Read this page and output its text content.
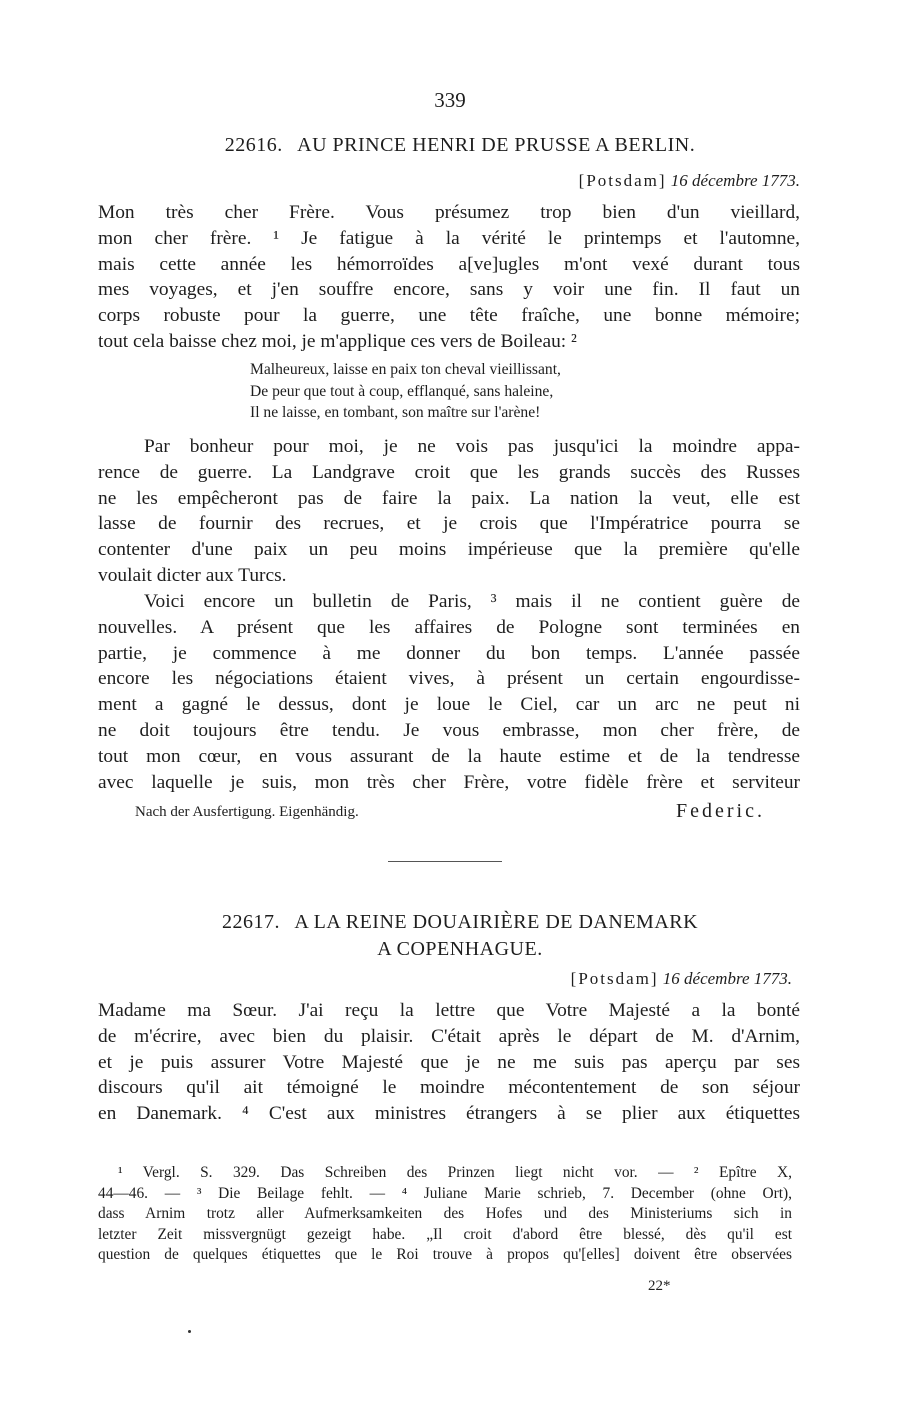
339
22616. AU PRINCE HENRI DE PRUSSE A BERLIN.
[Potsdam] 16 décembre 1773.
Mon très cher Frère. Vous présumez trop bien d'un vieillard,
mon cher frère. ¹ Je fatigue à la vérité le printemps et l'automne,
mais cette année les hémorroïdes a[ve]ugles m'ont vexé durant tous
mes voyages, et j'en souffre encore, sans y voir une fin. Il faut un
corps robuste pour la guerre, une tête fraîche, une bonne mémoire;
tout cela baisse chez moi, je m'applique ces vers de Boileau: ²
Malheureux, laisse en paix ton cheval vieillissant,
De peur que tout à coup, efflanqué, sans haleine,
Il ne laisse, en tombant, son maître sur l'arène!
Par bonheur pour moi, je ne vois pas jusqu'ici la moindre appa-
rence de guerre. La Landgrave croit que les grands succès des Russes
ne les empêcheront pas de faire la paix. La nation la veut, elle est
lasse de fournir des recrues, et je crois que l'Impératrice pourra se
contenter d'une paix un peu moins impérieuse que la première qu'elle
voulait dicter aux Turcs.
Voici encore un bulletin de Paris, ³ mais il ne contient guère de
nouvelles. A présent que les affaires de Pologne sont terminées en
partie, je commence à me donner du bon temps. L'année passée
encore les négociations étaient vives, à présent un certain engourdisse-
ment a gagné le dessus, dont je loue le Ciel, car un arc ne peut ni
ne doit toujours être tendu. Je vous embrasse, mon cher frère, de
tout mon cœur, en vous assurant de la haute estime et de la tendresse
avec laquelle je suis, mon très cher Frère, votre fidèle frère et serviteur
Nach der Ausfertigung. Eigenhändig.	Federic.
22617. A LA REINE DOUAIRIÈRE DE DANEMARK
A COPENHAGUE.
[Potsdam] 16 décembre 1773.
Madame ma Sœur. J'ai reçu la lettre que Votre Majesté a la bonté
de m'écrire, avec bien du plaisir. C'était après le départ de M. d'Arnim,
et je puis assurer Votre Majesté que je ne me suis pas aperçu par ses
discours qu'il ait témoigné le moindre mécontentement de son séjour
en Danemark. ⁴ C'est aux ministres étrangers à se plier aux étiquettes
¹ Vergl. S. 329. Das Schreiben des Prinzen liegt nicht vor. — ² Epître X,
44—46. — ³ Die Beilage fehlt. — ⁴ Juliane Marie schrieb, 7. December (ohne Ort),
dass Arnim trotz aller Aufmerksamkeiten des Hofes und des Ministeriums sich in
letzter Zeit missvergnügt gezeigt habe. „Il croit d'abord être blessé, dès qu'il est
question de quelques étiquettes que le Roi trouve à propos qu'[elles] doivent être observées
22*
